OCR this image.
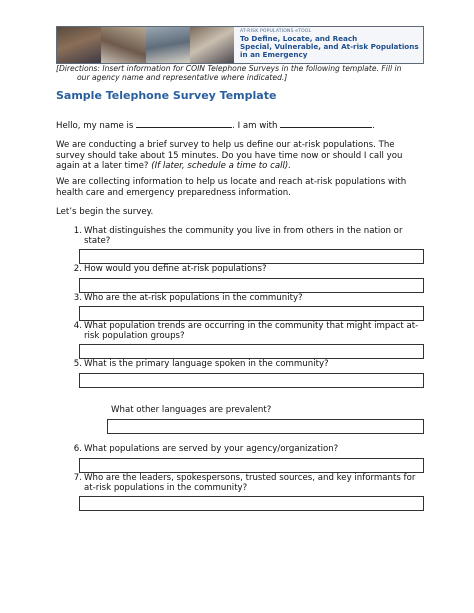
AT-RISK POPULATIONS eTOOL
To Define, Locate, and Reach
Special, Vulnerable, and At-risk Populations
in an Emergency
[Directions: Insert information for COIN Telephone Surveys in the following template. Fill in
our agency name and representative where indicated.]
Sample Telephone Survey Template
Hello, my name is	. I am with	.
We are conducting a brief survey to help us define our at-risk populations. The survey should take about 15 minutes. Do you have time now or should I call you again at a later time? (If later, schedule a time to call).
We are collecting information to help us locate and reach at-risk populations with health care and emergency preparedness information.
Let’s begin the survey.
1. What distinguishes the community you live in from others in the nation or state?
2. How would you define at-risk populations?
3. Who are the at-risk populations in the community?
4. What population trends are occurring in the community that might impact at-risk population groups?
5. What is the primary language spoken in the community?
What other languages are prevalent?
6. What populations are served by your agency/organization?
7. Who are the leaders, spokespersons, trusted sources, and key informants for at-risk populations in the community?
